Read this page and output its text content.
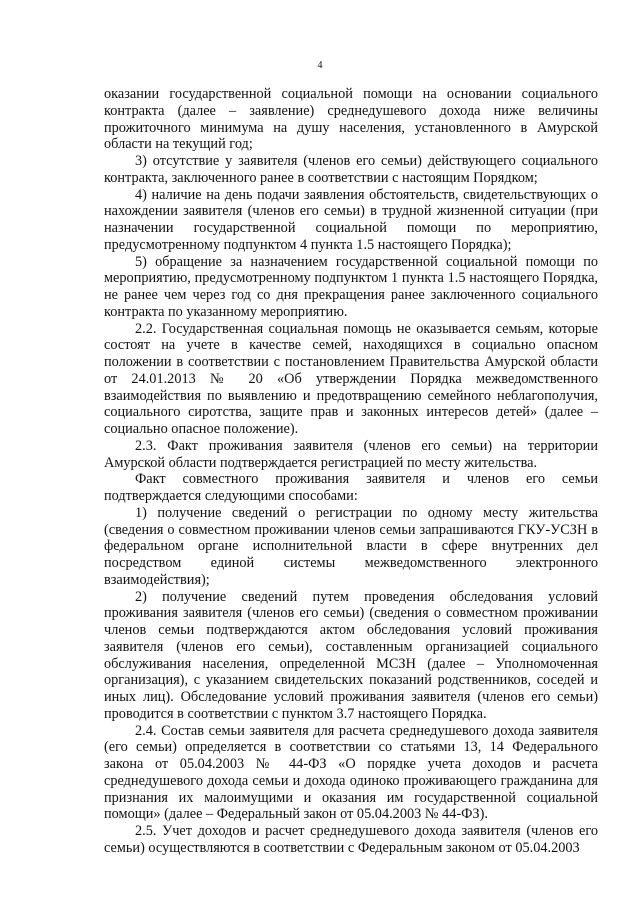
4

оказании государственной социальной помощи на основании социального контракта (далее – заявление) среднедушевого дохода ниже величины прожиточного минимума на душу населения, установленного в Амурской области на текущий год;

3) отсутствие у заявителя (членов его семьи) действующего социального контракта, заключенного ранее в соответствии с настоящим Порядком;

4) наличие на день подачи заявления обстоятельств, свидетельствующих о нахождении заявителя (членов его семьи) в трудной жизненной ситуации (при назначении государственной социальной помощи по мероприятию, предусмотренному подпунктом 4 пункта 1.5 настоящего Порядка);

5) обращение за назначением государственной социальной помощи по мероприятию, предусмотренному подпунктом 1 пункта 1.5 настоящего Порядка, не ранее чем через год со дня прекращения ранее заключенного социального контракта по указанному мероприятию.

2.2. Государственная социальная помощь не оказывается семьям, которые состоят на учете в качестве семей, находящихся в социально опасном положении в соответствии с постановлением Правительства Амурской области от 24.01.2013 № 20 «Об утверждении Порядка межведомственного взаимодействия по выявлению и предотвращению семейного неблагополучия, социального сиротства, защите прав и законных интересов детей» (далее – социально опасное положение).

2.3. Факт проживания заявителя (членов его семьи) на территории Амурской области подтверждается регистрацией по месту жительства.

Факт совместного проживания заявителя и членов его семьи подтверждается следующими способами:

1) получение сведений о регистрации по одному месту жительства (сведения о совместном проживании членов семьи запрашиваются ГКУ-УСЗН в федеральном органе исполнительной власти в сфере внутренних дел посредством единой системы межведомственного электронного взаимодействия);

2) получение сведений путем проведения обследования условий проживания заявителя (членов его семьи) (сведения о совместном проживании членов семьи подтверждаются актом обследования условий проживания заявителя (членов его семьи), составленным организацией социального обслуживания населения, определенной МСЗН (далее – Уполномоченная организация), с указанием свидетельских показаний родственников, соседей и иных лиц). Обследование условий проживания заявителя (членов его семьи) проводится в соответствии с пунктом 3.7 настоящего Порядка.

2.4. Состав семьи заявителя для расчета среднедушевого дохода заявителя (его семьи) определяется в соответствии со статьями 13, 14 Федерального закона от 05.04.2003 № 44-ФЗ «О порядке учета доходов и расчета среднедушевого дохода семьи и дохода одиноко проживающего гражданина для признания их малоимущими и оказания им государственной социальной помощи» (далее – Федеральный закон от 05.04.2003 № 44-ФЗ).

2.5. Учет доходов и расчет среднедушевого дохода заявителя (членов его семьи) осуществляются в соответствии с Федеральным законом от 05.04.2003
